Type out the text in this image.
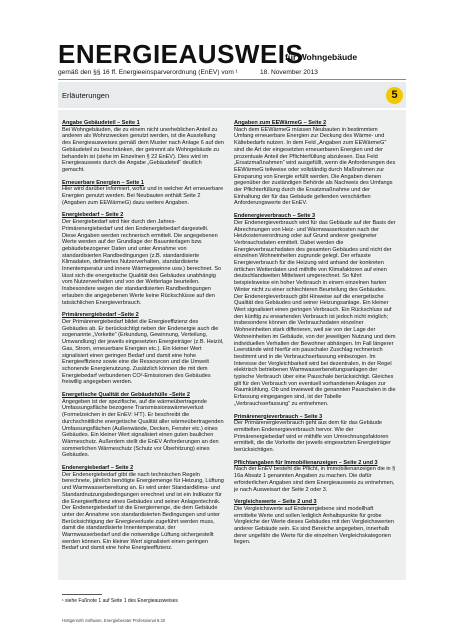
ENERGIEAUSWEIS
für Wohngebäude
gemäß den §§ 16 ff. Energieeinsparverordnung (EnEV) vom ¹	18. November 2013
Erläuterungen	5
Angabe Gebäudeteil – Seite 1
Bei Wohngebäuden, die zu einem nicht unerheblichen Anteil zu anderen als Wohnzwecken genutzt werden, ist die Ausstellung des Energieausweises gemäß dem Muster nach Anlage 6 auf den Gebäudeteil zu beschränken, der getrennt als Wohngebäude zu behandeln ist (siehe im Einzelnen § 22 EnEV). Dies wird im Energieausweis durch die Angabe „Gebäudeteil“ deutlich gemacht.
Erneuerbare Energien – Seite 1
Hier wird darüber informiert, wofür und in welcher Art erneuerbare Energien genutzt werden. Bei Neubauten enthält Seite 2 (Angaben zum EEWärmeG) dazu weitere Angaben.
Energiebedarf – Seite 2
Der Energiebedarf wird hier durch den Jahres-Primärenergiebedarf und den Endenergiebedarf dargestellt. Diese Angaben werden rechnerisch ermittelt. Die angegebenen Werte werden auf der Grundlage der Bauunterlagen bzw. gebäudebezogener Daten und unter Annahme von standardisierten Randbedingungen (z.B. standardisierte Klimadaten, definiertes Nutzerverhalten, standardisierte Innentemperatur und innere Wärmegewinne usw.) berechnet. So lässt sich die energetische Qualität des Gebäudes unabhängig vom Nutzerverhalten und von der Wetterlage beurteilen. Insbesondere wegen der standardisierten Randbedingungen erlauben die angegebenen Werte keine Rückschlüsse auf den tatsächlichen Energieverbrauch.
Primärenergiebedarf –Seite 2
Der Primärenergiebedarf bildet die Energieeffizienz des Gebäudes ab. Er berücksichtigt neben der Endenergie auch die sogenannte „Vorkette“ (Erkundung, Gewinnung, Verteilung, Umwandlung) der jeweils eingesetzten Energieträger (z.B. Heizöl, Gas, Strom, erneuerbare Energien etc.). Ein kleiner Wert signalisiert einen geringen Bedarf und damit eine hohe Energieeffizienz sowie eine die Ressourcen und die Umwelt schonende Energienutzung. Zusätzlich können die mit dem Energiebedarf verbundenen CO²-Emissionen des Gebäudes freiwillig angegeben werden.
Energetische Qualität der Gebäudehülle –Seite 2
Angegeben ist der spezifische, auf die wärmeübertragende Umfassungsfläche bezogene Transmissionswärmeverlust (Formelzeichen in der EnEV: H'T). Er beschreibt die durchschnittliche energetische Qualität aller wärmeübertragenden Umfassungsflächen (Außenwände, Decken, Fenster etc.) eines Gebäudes. Ein kleiner Wert signalisiert einen guten baulichen Wärmeschutz. Außerdem stellt die EnEV Anforderungen an den sommerlichen Wärmeschutz (Schutz vor Überhitzung) eines Gebäudes.
Endenergiebedarf – Seite 2
Der Endenergiebedarf gibt die nach technischen Regeln berechnete, jährlich benötigte Energiemenge für Heizung, Lüftung und Warmwasserbereitung an. Er wird unter Standardklima- und Standardnutzungsbedingungen errechnet und ist ein Indikator für die Energieeffizienz eines Gebäudes und seiner Anlagentechnik. Der Endenergiebedarf ist die Energiemenge, die dem Gebäude unter der Annahme von standardisierten Bedingungen und unter Berücksichtigung der Energieverluste zugeführt werden muss, damit die standardisierte Innentemperatur, der Warmwasserbedarf und die notwendige Lüftung sichergestellt werden können. Ein kleiner Wert signalisiert einen geringen Bedarf und damit eine hohe Energieeffizienz.
Angaben zum EEWärmeG – Seite 2
Nach dem EEWärmeG müssen Neubauten in bestimmtem Umfang erneuerbare Energien zur Deckung des Wärme- und Kältebedarfs nutzen. In dem Feld „Angaben zum EEWärmeG“ sind die Art der eingesetzten erneuerbaren Energien und der prozentuale Anteil der Pflichterfüllung abzulesen. Das Feld „Ersatzmaßnahmen“ wird ausgefüllt, wenn die Anforderungen des EEWärmeG teilweise oder vollständig durch Maßnahmen zur Einsparung von Energie erfüllt werden. Die Angaben dienen gegenüber der zuständigen Behörde als Nachweis des Umfangs der Pflichterfüllung durch die Ersatzmaßnahme und der Einhaltung der für das Gebäude geltenden verschärften Anforderungswerte der EnEV.
Endenergieverbrauch – Seite 3
Der Endenergieverbrauch wird für das Gebäude auf der Basis der Abrechnungen von Heiz- und Warmwasserkosten nach der Heizkostenverordnung oder auf Grund anderer geeigneter Verbrauchsdaten ermittelt. Dabei werden die Energieverbrauchsdaten des gesamten Gebäudes und nicht der einzelnen Wohneinheiten zugrunde gelegt. Der erfasste Energieverbrauch für die Heizung wird anhand der konkreten örtlichen Wetterdaten und mithilfe von Klimafaktoren auf einen deutschlandweiten Mittelwert umgerechnet. So führt beispielsweise ein hoher Verbrauch in einem einzelnen harten Winter nicht zu einer schlechteren Beurteilung des Gebäudes. Der Endenergieverbrauch gibt Hinweise auf die energetische Qualität des Gebäudes und seiner Heizungsanlage. Ein kleiner Wert signalisiert einen geringen Verbrauch. Ein Rückschluss auf den künftig zu erwartenden Verbrauch ist jedoch nicht möglich; insbesondere können die Verbrauchsdaten einzelner Wohneinheiten stark differieren, weil sie von der Lage der Wohneinheiten im Gebäude, von der jeweiligen Nutzung und dem individuellen Verhalten der Bewohner abhängen. Im Fall längerer Leerstände wird hierfür ein pauschaler Zuschlag rechnerisch bestimmt und in die Verbrauchserfassung einbezogen. Im Interesse der Vergleichbarkeit wird bei dezentralen, in der Regel elektrisch betriebenen Warmwasserbereitungsanlagen der typische Verbrauch über eine Pauschale berücksichtigt. Gleiches gilt für den Verbrauch von eventuell vorhandenen Anlagen zur Raumkühlung. Ob und inwieweit die genannten Pauschalen in die Erfassung eingegangen sind, ist der Tabelle „Verbrauchserfassung“ zu entnehmen.
Primärenergieverbrauch – Seite 3
Der Primärenergieverbrauch geht aus dem für das Gebäude ermittelten Endenergieverbrauch hervor. Wie der Primärenergiebedarf wird er mithilfe von Umrechnungsfaktoren ermittelt, die die Vorkette der jeweils eingesetzten Energieträger berücksichtigen.
Pflichtangaben für Immobilienanzeigen – Seite 2 und 3
Nach der EnEV besteht die Pflicht, in Immobilienanzeigen die in § 16a Absatz 1 genannten Angaben zu machen. Die dafür erforderlichen Angaben sind dem Energieausweis zu entnehmen, je nach Ausweisart der Seite 2 oder 3.
Vergleichswerte – Seite 2 und 3
Die Vergleichswerte auf Endenergiebene sind modellhaft ermittelte Werte und sollen lediglich Anhaltspunkte für grobe Vergleiche der Werte dieses Gebäudes mit den Vergleichswerten anderer Gebäude sein. Es sind Bereiche angegeben, innerhalb derer ungefähr die Werte für die einzelnen Vergleichskategorien liegen.
¹ siehe Fußnote 1 auf Seite 1 des Energieausweises
Hottgenroth Software, Energieberater Professional 8.20
